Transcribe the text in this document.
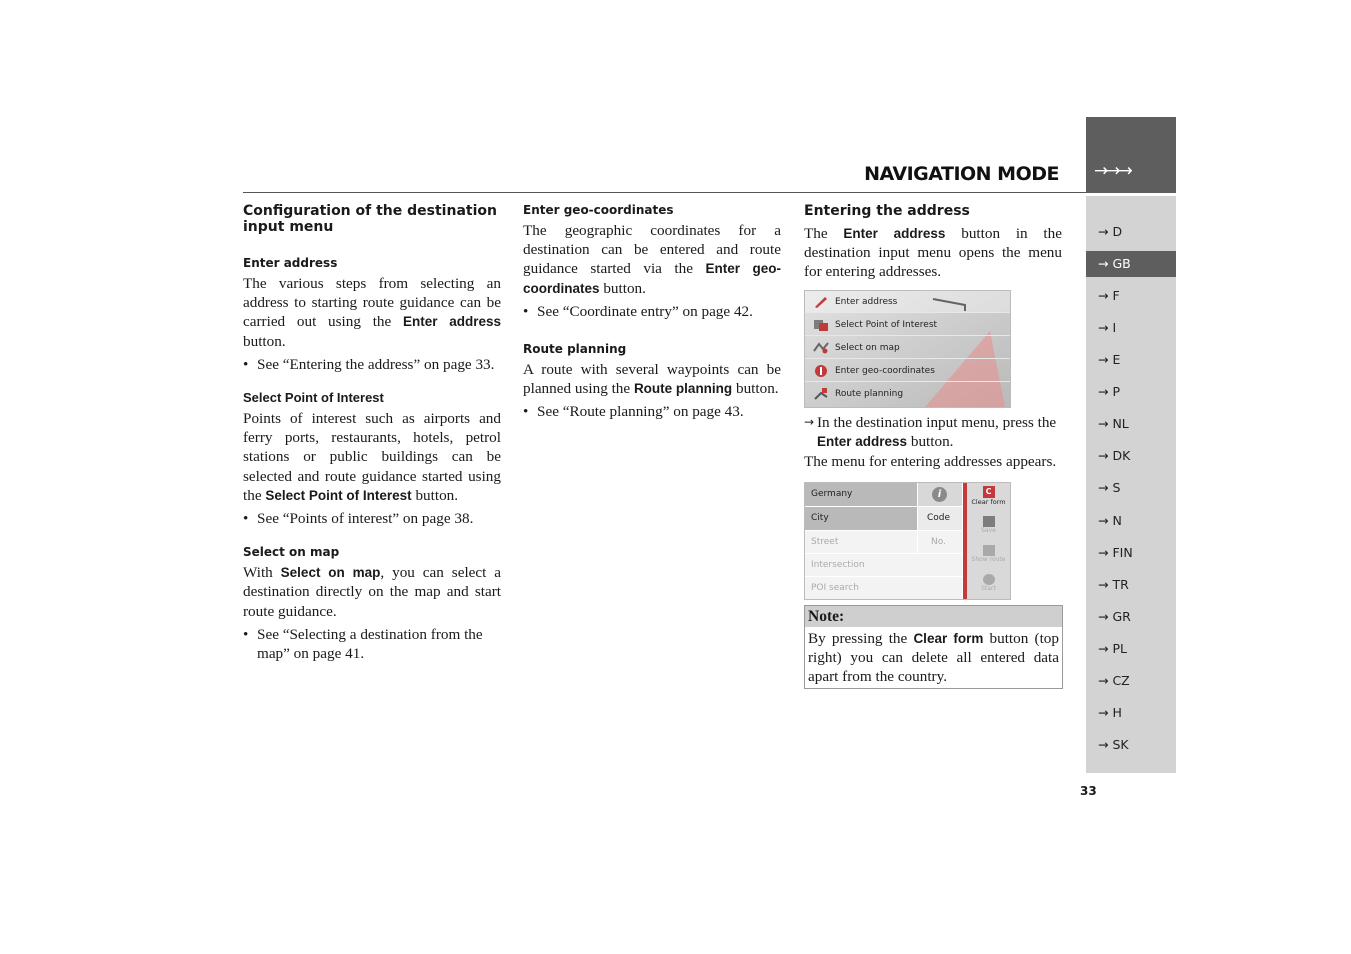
NAVIGATION MODE →→→
→ D
→ GB
→ F
→ I
→ E
→ P
→ NL
→ DK
→ S
→ N
→ FIN
→ TR
→ GR
→ PL
→ CZ
→ H
→ SK
33
Configuration of the destination input menu
Enter address

The various steps from selecting an address to starting route guidance can be carried out using the Enter address button.

• See “Entering the address” on page 33.

Select Point of Interest

Points of interest such as airports and ferry ports, restaurants, hotels, petrol stations or public buildings can be selected and route guidance started using the Select Point of Interest button.

• See “Points of interest” on page 38.

Select on map

With Select on map, you can select a destination directly on the map and start route guidance.

• See “Selecting a destination from the map” on page 41.

Enter geo-coordinates

The geographic coordinates for a destination can be entered and route guidance started via the Enter geo-coordinates button.

• See “Coordinate entry” on page 42.

Route planning

A route with several waypoints can be planned using the Route planning button.

• See “Route planning” on page 43.

Entering the address

The Enter address button in the destination input menu opens the menu for entering addresses.

Enter address
Select Point of Interest
Select on map
Enter geo-coordinates
Route planning
→ In the destination input menu, press the Enter address button.
The menu for entering addresses appears.
Germany	i
City	Code
Street	No.
Intersection
POI search
C
Clear form
Save
Show route
Start
Note:
By pressing the Clear form button (top right) you can delete all entered data apart from the country.
